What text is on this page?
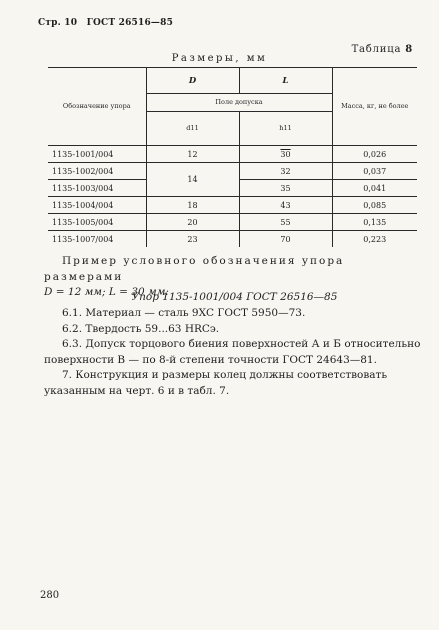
Стр. 10 ГОСТ 26516—85
Таблица 8
Размеры, мм
Обозначение упора	D	L	Масса, кг, не более
	Поле допуска		
	d11	h11	
1135-1001/004	12	30	0,026
1135-1002/004	14	32	0,037
1135-1003/004		35	0,041
1135-1004/004	18	43	0,085
1135-1005/004	20	55	0,135
1135-1007/004	23	70	0,223
Пример условного обозначения упора размерами
D = 12 мм; L = 30 мм:
Упор 1135-1001/004 ГОСТ 26516—85
6.1. Материал — сталь 9ХС ГОСТ 5950—73.
6.2. Твердость 59...63 HRCэ.
6.3. Допуск торцового биения поверхностей А и Б относительно поверхности В — по 8-й степени точности ГОСТ 24643—81.
7. Конструкция и размеры колец должны соответствовать указанным на черт. 6 и в табл. 7.
280
